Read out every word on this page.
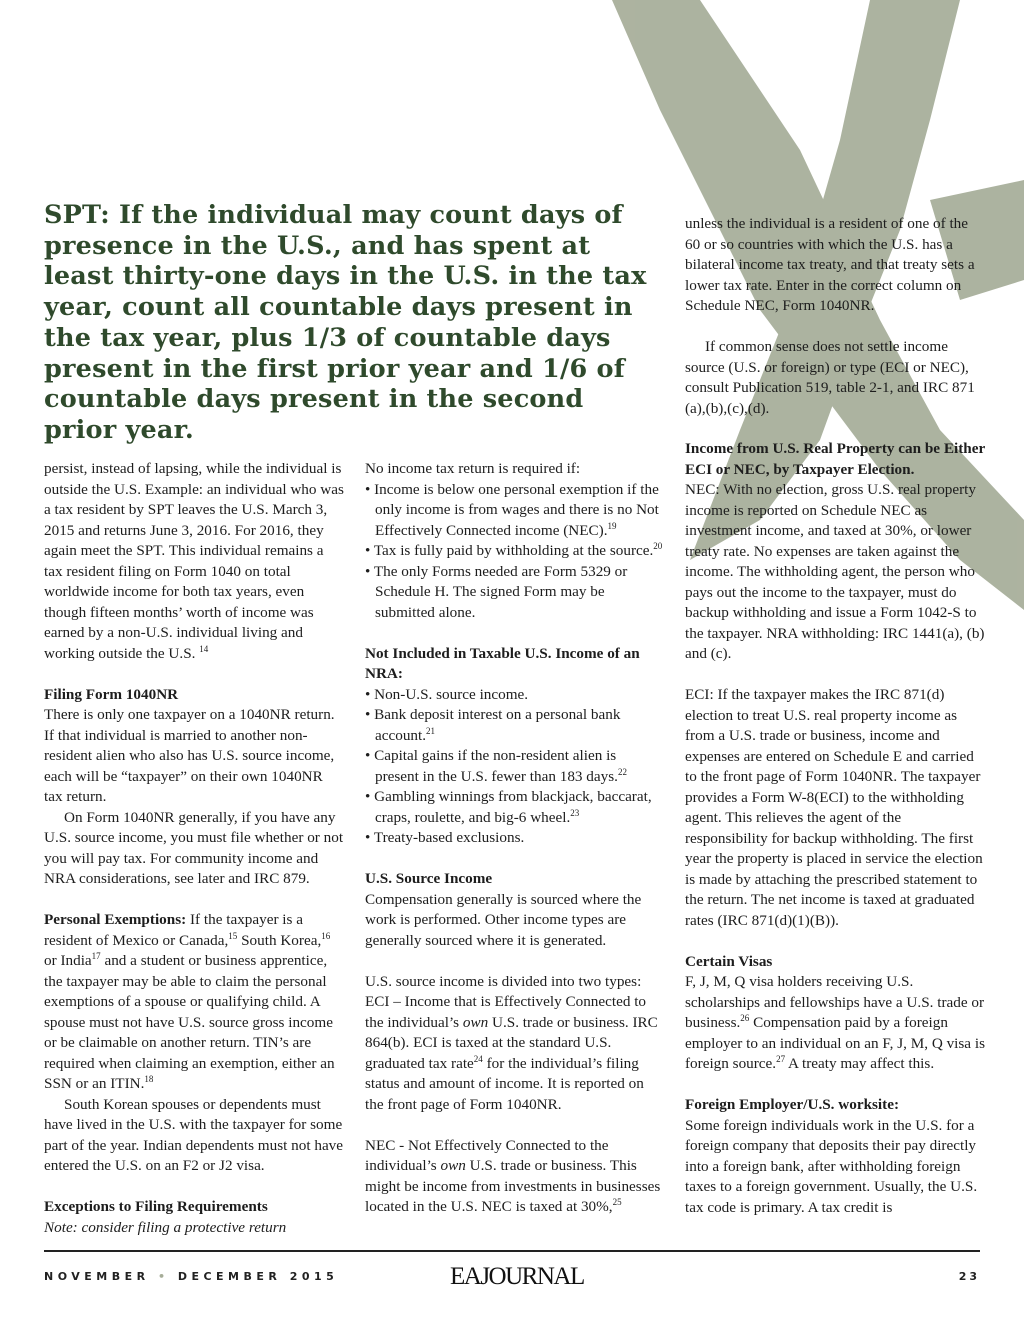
SPT: If the individual may count days of presence in the U.S., and has spent at least thirty-one days in the U.S. in the tax year, count all countable days present in the tax year, plus 1/3 of countable days present in the first prior year and 1/6 of countable days present in the second prior year.

persist, instead of lapsing, while the individual is outside the U.S. Example: an individual who was a tax resident by SPT leaves the U.S. March 3, 2015 and returns June 3, 2016. For 2016, they again meet the SPT. This individual remains a tax resident filing on Form 1040 on total worldwide income for both tax years, even though fifteen months’ worth of income was earned by a non-U.S. individual living and working outside the U.S. $^{14}$

Filing Form 1040NR

There is only one taxpayer on a 1040NR return. If that individual is married to another non-resident alien who also has U.S. source income, each will be “taxpayer” on their own 1040NR tax return.

On Form 1040NR generally, if you have any U.S. source income, you must file whether or not you will pay tax. For community income and NRA considerations, see later and IRC 879.

Personal Exemptions: If the taxpayer is a resident of Mexico or Canada,$^{15}$ South Korea,$^{16}$ or India$^{17}$ and a student or business apprentice, the taxpayer may be able to claim the personal exemptions of a spouse or qualifying child. A spouse must not have U.S. source gross income or be claimable on another return. TIN’s are required when claiming an exemption, either an SSN or an ITIN.$^{18}$

South Korean spouses or dependents must have lived in the U.S. with the taxpayer for some part of the year. Indian dependents must not have entered the U.S. on an F2 or J2 visa.

Exceptions to Filing Requirements

Note: consider filing a protective return

No income tax return is required if:

• Income is below one personal exemption if the only income is from wages and there is no Not Effectively Connected income (NEC).$^{19}$
• Tax is fully paid by withholding at the source.$^{20}$
• The only Forms needed are Form 5329 or Schedule H. The signed Form may be submitted alone.

Not Included in Taxable U.S. Income of an NRA:

• Non-U.S. source income.
• Bank deposit interest on a personal bank account.$^{21}$
• Capital gains if the non-resident alien is present in the U.S. fewer than 183 days.$^{22}$
• Gambling winnings from blackjack, baccarat, craps, roulette, and big-6 wheel.$^{23}$
• Treaty-based exclusions.

U.S. Source Income

Compensation generally is sourced where the work is performed. Other income types are generally sourced where it is generated.

U.S. source income is divided into two types:

ECI – Income that is Effectively Connected to the individual’s own U.S. trade or business. IRC 864(b). ECI is taxed at the standard U.S. graduated tax rate$^{24}$ for the individual’s filing status and amount of income. It is reported on the front page of Form 1040NR.

NEC - Not Effectively Connected to the individual’s own U.S. trade or business. This might be income from investments in businesses located in the U.S. NEC is taxed at 30%,$^{25}$

unless the individual is a resident of one of the 60 or so countries with which the U.S. has a bilateral income tax treaty, and that treaty sets a lower tax rate. Enter in the correct column on Schedule NEC, Form 1040NR.

If common sense does not settle income source (U.S. or foreign) or type (ECI or NEC), consult Publication 519, table 2-1, and IRC 871 (a),(b),(c),(d).

Income from U.S. Real Property can be Either ECI or NEC, by Taxpayer Election.

NEC: With no election, gross U.S. real property income is reported on Schedule NEC as investment income, and taxed at 30%, or lower treaty rate. No expenses are taken against the income. The withholding agent, the person who pays out the income to the taxpayer, must do backup withholding and issue a Form 1042-S to the taxpayer. NRA withholding: IRC 1441(a), (b) and (c).

ECI: If the taxpayer makes the IRC 871(d) election to treat U.S. real property income as from a U.S. trade or business, income and expenses are entered on Schedule E and carried to the front page of Form 1040NR. The taxpayer provides a Form W-8(ECI) to the withholding agent. This relieves the agent of the responsibility for backup withholding. The first year the property is placed in service the election is made by attaching the prescribed statement to the return. The net income is taxed at graduated rates (IRC 871(d)(1)(B)).

Certain Visas

F, J, M, Q visa holders receiving U.S. scholarships and fellowships have a U.S. trade or business.$^{26}$ Compensation paid by a foreign employer to an individual on an F, J, M, Q visa is foreign source.$^{27}$ A treaty may affect this.

Foreign Employer/U.S. worksite:

Some foreign individuals work in the U.S. for a foreign company that deposits their pay directly into a foreign bank, after withholding foreign taxes to a foreign government. Usually, the U.S. tax code is primary. A tax credit is

NOVEMBER • DECEMBER 2015	EAJOURNAL	23
